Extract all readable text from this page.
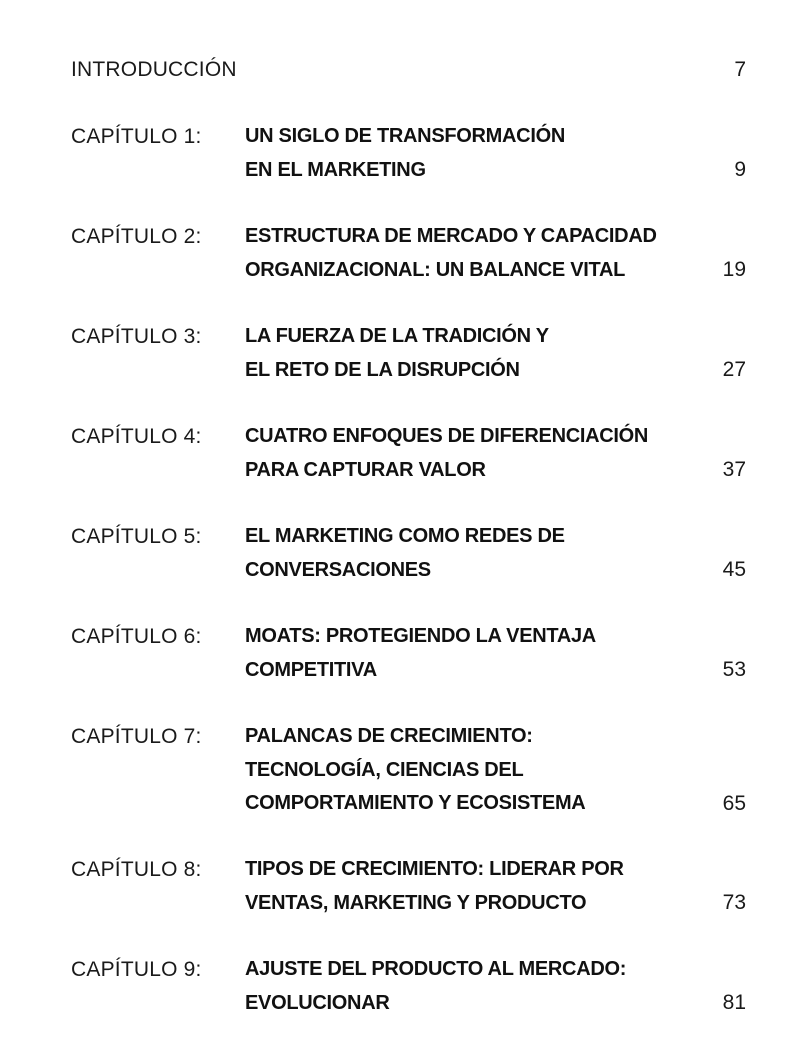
INTRODUCCIÓN	7
CAPÍTULO 1: UN SIGLO DE TRANSFORMACIÓN
EN EL MARKETING	9
CAPÍTULO 2: ESTRUCTURA DE MERCADO Y CAPACIDAD
ORGANIZACIONAL: UN BALANCE VITAL	19
CAPÍTULO 3: LA FUERZA DE LA TRADICIÓN Y
EL RETO DE LA DISRUPCIÓN	27
CAPÍTULO 4: CUATRO ENFOQUES DE DIFERENCIACIÓN
PARA CAPTURAR VALOR	37
CAPÍTULO 5: EL MARKETING COMO REDES DE
CONVERSACIONES	45
CAPÍTULO 6: MOATS: PROTEGIENDO LA VENTAJA
COMPETITIVA	53
CAPÍTULO 7: PALANCAS DE CRECIMIENTO:
TECNOLOGÍA, CIENCIAS DEL
COMPORTAMIENTO Y ECOSISTEMA	65
CAPÍTULO 8: TIPOS DE CRECIMIENTO: LIDERAR POR
VENTAS, MARKETING Y PRODUCTO	73
CAPÍTULO 9: AJUSTE DEL PRODUCTO AL MERCADO:
EVOLUCIONAR	81
